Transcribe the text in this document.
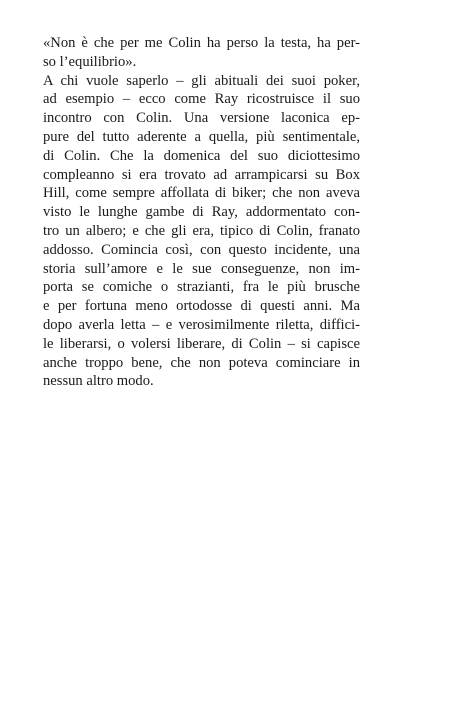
«Non è che per me Colin ha perso la testa, ha per-
so l’equilibrio».
A chi vuole saperlo – gli abituali dei suoi poker,
ad esempio – ecco come Ray ricostruisce il suo
incontro con Colin. Una versione laconica ep-
pure del tutto aderente a quella, più sentimentale,
di Colin. Che la domenica del suo diciottesimo
compleanno si era trovato ad arrampicarsi su Box
Hill, come sempre affollata di biker; che non aveva
visto le lunghe gambe di Ray, addormentato con-
tro un albero; e che gli era, tipico di Colin, franato
addosso. Comincia così, con questo incidente, una
storia sull’amore e le sue conseguenze, non im-
porta se comiche o strazianti, fra le più brusche
e per fortuna meno ortodosse di questi anni. Ma
dopo averla letta – e verosimilmente riletta, diffici-
le liberarsi, o volersi liberare, di Colin – si capisce
anche troppo bene, che non poteva cominciare in
nessun altro modo.
